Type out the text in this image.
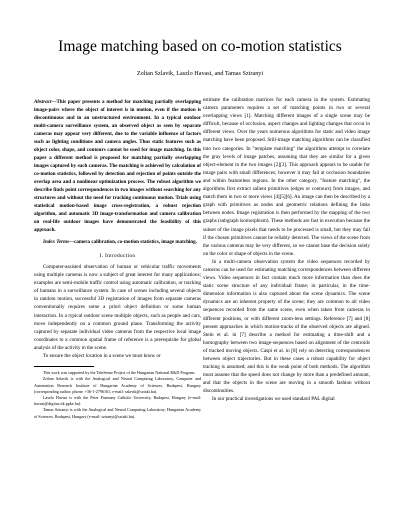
Image matching based on co-motion statistics
Zoltan Szlavik, Laszlo Havasi, and Tamas Sziranyi

Abstract—This paper presents a method for matching partially overlapping image-pairs where the object of interest is in motion, even if the motion is discontinuous and in an unstructured environment. In a typical outdoor multi-camera surveillance system, an observed object as seen by separate cameras may appear very different, due to the variable influence of factors such as lighting conditions and camera angles. Thus static features such as object color, shape, and contours cannot be used for image matching. In this paper a different method is proposed for matching partially overlapping images captured by such cameras. The matching is achieved by calculation of co-motion statistics, followed by detection and rejection of points outside the overlap area and a nonlinear optimization process. The robust algorithm we describe finds point correspondences in two images without searching for any structures and without the need for tracking continuous motion. Trials using statistical motion-based image cross-registration, a robust rejection algorithm, and automatic 3D image-transformation and camera calibration on real-life outdoor images have demonstrated the feasibility of this approach.

Index Terms—camera calibration, co-motion statistics, image matching.

I. Introduction

Computer-assisted observation of human or vehicular traffic movements using multiple cameras is now a subject of great interest for many applications; examples are semi-mobile traffic control using automatic calibration, or tracking of humans in a surveillance system. In case of scenes including several objects in random motion, successful 3D registration of images from separate cameras conventionally requires some a priori object definition or some human interaction. In a typical outdoor scene multiple objects, such as people and cars, move independently on a common ground plane. Transforming the activity captured by separate individual video cameras from the respective local image coordinates to a common spatial frame of reference is a prerequisite for global analysis of the activity in the scene.

To ensure the object location in a scene we must know or

This work was supported by the TeleSense Project of the Hungarian National R&D Program.

Zoltan Szlavik is with the Analogical and Neural Computing Laboratory, Computer and Automation Research Institute of Hungarian Academy of Sciences, Budapest, Hungary (corresponding author; phone: +36-1-2796161; e-mail: szlavik@sztaki.hu).

Laszlo Havasi is with the Peter Pazmany Catholic University, Budapest, Hungary (e-mail: havasi@digitus.itk.ppke.hu).

Tamas Sziranyi is with the Analogical and Neural Computing Laboratory, Hungarian Academy of Sciences, Budapest, Hungary (e-mail: sziranyi@sztaki.hu).

estimate the calibration matrices for each camera in the system. Estimating camera parameters requires a set of matching points in two or several overlapping views [1]. Matching different images of a single scene may be difficult, because of occlusion, aspect changes and lighting changes that occur in different views. Over the years numerous algorithms for static and video image matching have been proposed. Still-image matching algorithms can be classified into two categories. In "template matching" the algorithms attempt to correlate the gray levels of image patches, assuming that they are similar for a given object-element in the two images [2][3]. This approach appears to be usable for image pairs with small differences; however it may fail at occlusion boundaries and within featureless regions. In the other category, "feature matching", the algorithms first extract salient primitives (edges or contours) from images, and match them in two or more views [4][5][6]. An image can then be described by a graph with primitives as nodes and geometric relations defining the links between nodes. Image registration is then performed by the mapping of the two graphs (subgraph isomorphism). These methods are fast in execution because the subset of the image pixels that needs to be processed is small, but they may fail if the chosen primitives cannot be reliably detected. The views of the scene from the various cameras may be very different, so we cannot base the decision solely on the color or shape of objects in the scene.

In a multi-camera observation system the video sequences recorded by cameras can be used for estimating matching correspondences between different views. Video sequences in fact contain much more information than does the static scene structure of any individual frame; in particular, in the time-dimension information is also captured about the scene dynamics. The scene dynamics are an inherent property of the scene; they are common to all video sequences recorded from the same scene, even when taken from cameras in different positions, or with different zoom-lens settings. Reference [7] and [8] present approaches in which motion-tracks of the observed objects are aligned. Stein et al. in [7] describe a method for estimating a time-shift and a homography between two image-sequences based on alignment of the centroids of tracked moving objects. Caspi et al. in [8] rely on detecting correspondences between object trajectories. But in these cases a robust capability for object tracking is assumed; and this is the weak point of both methods. The algorithm must assume that the speed does not change by more than a predefined amount, and that the objects in the scene are moving in a smooth fashion without discontinuities.

In our practical investigations we used standard PAL digital
